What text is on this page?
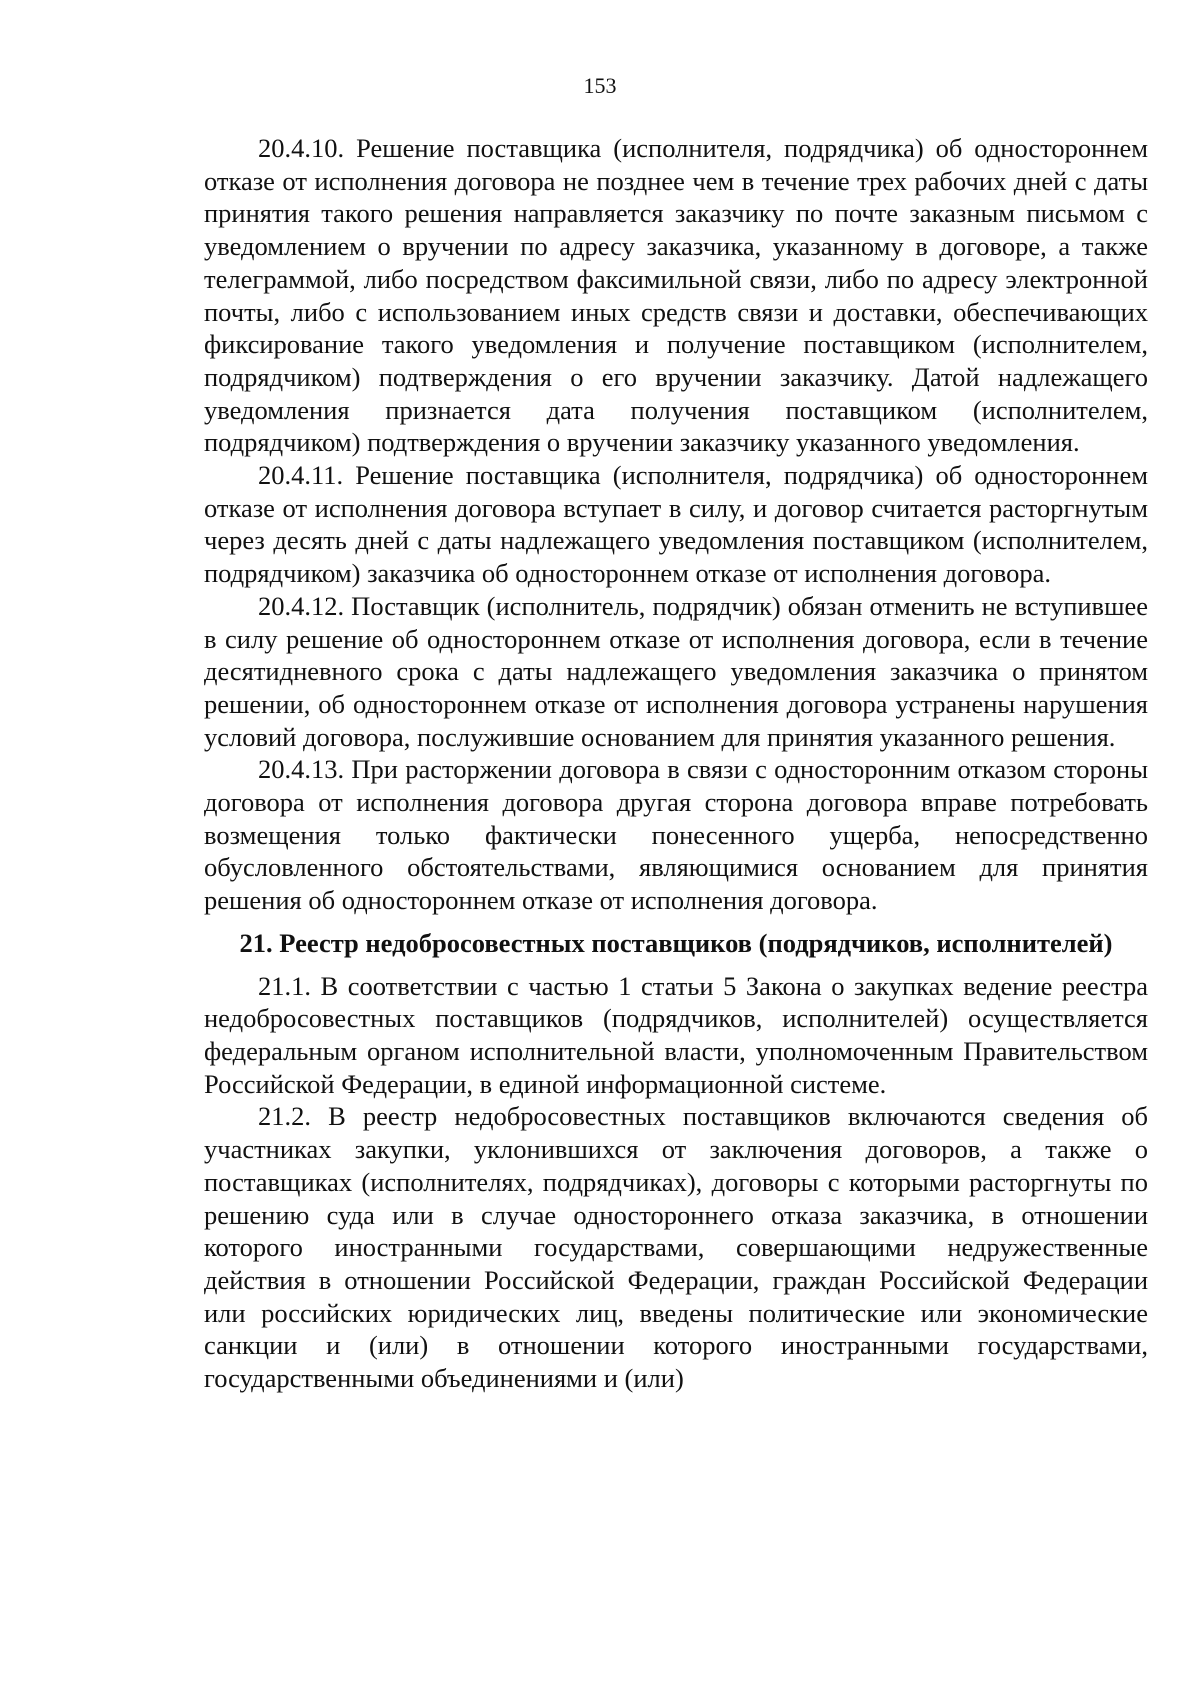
153

20.4.10. Решение поставщика (исполнителя, подрядчика) об одностороннем отказе от исполнения договора не позднее чем в течение трех рабочих дней с даты принятия такого решения направляется заказчику по почте заказным письмом с уведомлением о вручении по адресу заказчика, указанному в договоре, а также телеграммой, либо посредством факсимильной связи, либо по адресу электронной почты, либо с использованием иных средств связи и доставки, обеспечивающих фиксирование такого уведомления и получение поставщиком (исполнителем, подрядчиком) подтверждения о его вручении заказчику. Датой надлежащего уведомления признается дата получения поставщиком (исполнителем, подрядчиком) подтверждения о вручении заказчику указанного уведомления.

20.4.11. Решение поставщика (исполнителя, подрядчика) об одностороннем отказе от исполнения договора вступает в силу, и договор считается расторгнутым через десять дней с даты надлежащего уведомления поставщиком (исполнителем, подрядчиком) заказчика об одностороннем отказе от исполнения договора.

20.4.12. Поставщик (исполнитель, подрядчик) обязан отменить не вступившее в силу решение об одностороннем отказе от исполнения договора, если в течение десятидневного срока с даты надлежащего уведомления заказчика о принятом решении, об одностороннем отказе от исполнения договора устранены нарушения условий договора, послужившие основанием для принятия указанного решения.

20.4.13. При расторжении договора в связи с односторонним отказом стороны договора от исполнения договора другая сторона договора вправе потребовать возмещения только фактически понесенного ущерба, непосредственно обусловленного обстоятельствами, являющимися основанием для принятия решения об одностороннем отказе от исполнения договора.

21. Реестр недобросовестных поставщиков (подрядчиков, исполнителей)

21.1. В соответствии с частью 1 статьи 5 Закона о закупках ведение реестра недобросовестных поставщиков (подрядчиков, исполнителей) осуществляется федеральным органом исполнительной власти, уполномоченным Правительством Российской Федерации, в единой информационной системе.

21.2. В реестр недобросовестных поставщиков включаются сведения об участниках закупки, уклонившихся от заключения договоров, а также о поставщиках (исполнителях, подрядчиках), договоры с которыми расторгнуты по решению суда или в случае одностороннего отказа заказчика, в отношении которого иностранными государствами, совершающими недружественные действия в отношении Российской Федерации, граждан Российской Федерации или российских юридических лиц, введены политические или экономические санкции и (или) в отношении которого иностранными государствами, государственными объединениями и (или)
